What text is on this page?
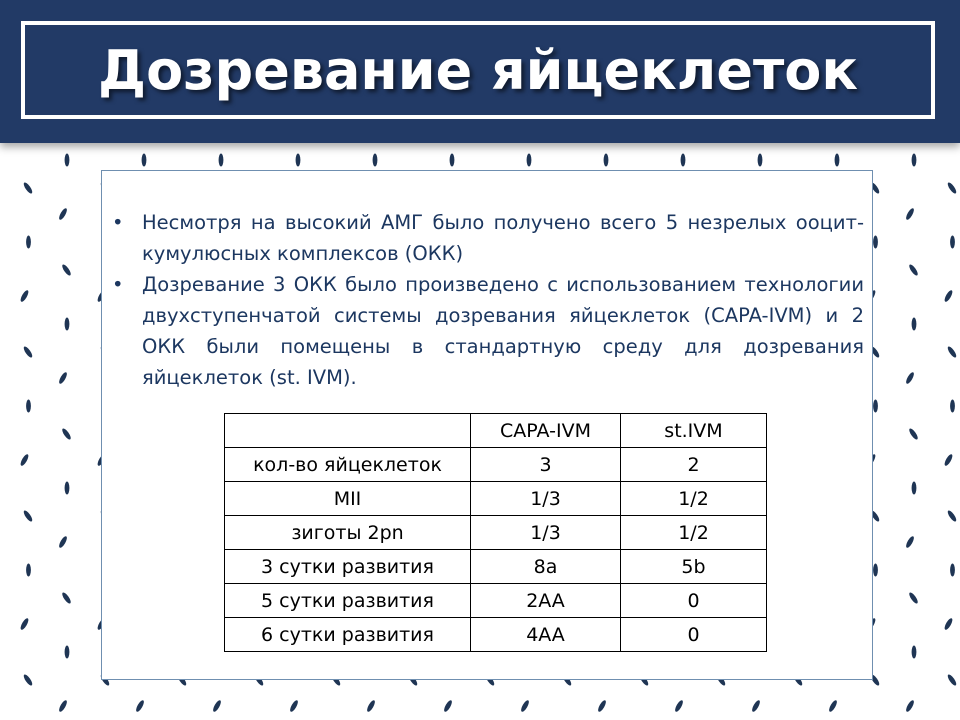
Дозревание яйцеклеток
• Несмотря на высокий АМГ было получено всего 5 незрелых ооцит-кумулюсных комплексов (ОКК)
• Дозревание 3 ОКК было произведено с использованием технологии двухступенчатой системы дозревания яйцеклеток (CAPA-IVM) и 2 ОКК были помещены в стандартную среду для дозревания яйцеклеток (st. IVM).
	CAPA-IVM	st.IVM
кол-во яйцеклеток	3	2
MII	1/3	1/2
зиготы 2pn	1/3	1/2
3 сутки развития	8a	5b
5 сутки развития	2AA	0
6 сутки развития	4AA	0
